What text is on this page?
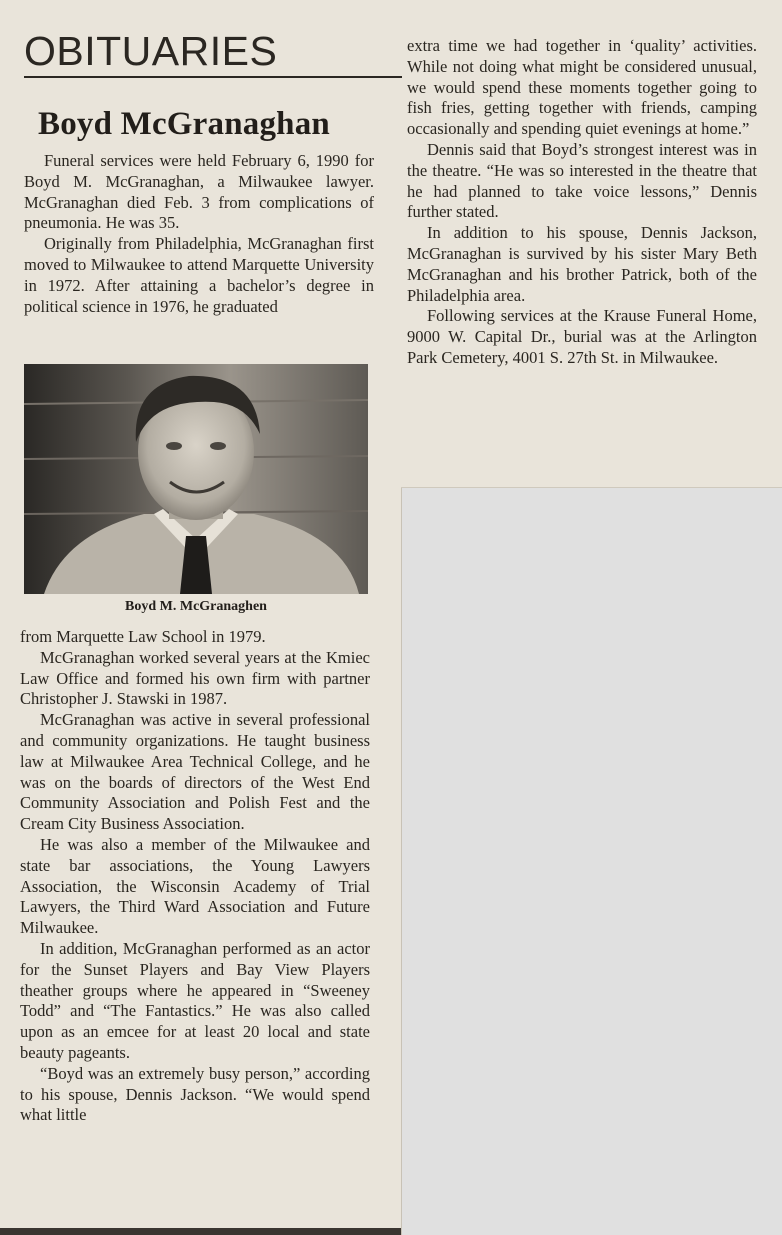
OBITUARIES
Boyd McGranaghan

Funeral services were held February 6, 1990 for Boyd M. McGranaghan, a Milwaukee lawyer. McGranaghan died Feb. 3 from complications of pneumonia. He was 35.

Originally from Philadelphia, McGranaghan first moved to Milwaukee to attend Marquette University in 1972. After attaining a bachelor’s degree in political science in 1976, he graduated

Boyd M. McGranaghen

from Marquette Law School in 1979.

McGranaghan worked several years at the Kmiec Law Office and formed his own firm with partner Christopher J. Stawski in 1987.

McGranaghan was active in several professional and community organizations. He taught business law at Milwaukee Area Technical College, and he was on the boards of directors of the West End Community Association and Polish Fest and the Cream City Business Association.

He was also a member of the Milwaukee and state bar associations, the Young Lawyers Association, the Wisconsin Academy of Trial Lawyers, the Third Ward Association and Future Milwaukee.

In addition, McGranaghan performed as an actor for the Sunset Players and Bay View Players theather groups where he appeared in “Sweeney Todd” and “The Fantastics.” He was also called upon as an emcee for at least 20 local and state beauty pageants.

“Boyd was an extremely busy person,” according to his spouse, Dennis Jackson. “We would spend what little

extra time we had together in ‘quality’ activities. While not doing what might be considered unusual, we would spend these moments together going to fish fries, getting together with friends, camping occasionally and spending quiet evenings at home.”

Dennis said that Boyd’s strongest interest was in the theatre. “He was so interested in the theatre that he had planned to take voice lessons,” Dennis further stated.

In addition to his spouse, Dennis Jackson, McGranaghan is survived by his sister Mary Beth McGranaghan and his brother Patrick, both of the Philadelphia area.

Following services at the Krause Funeral Home, 9000 W. Capital Dr., burial was at the Arlington Park Cemetery, 4001 S. 27th St. in Milwaukee.
